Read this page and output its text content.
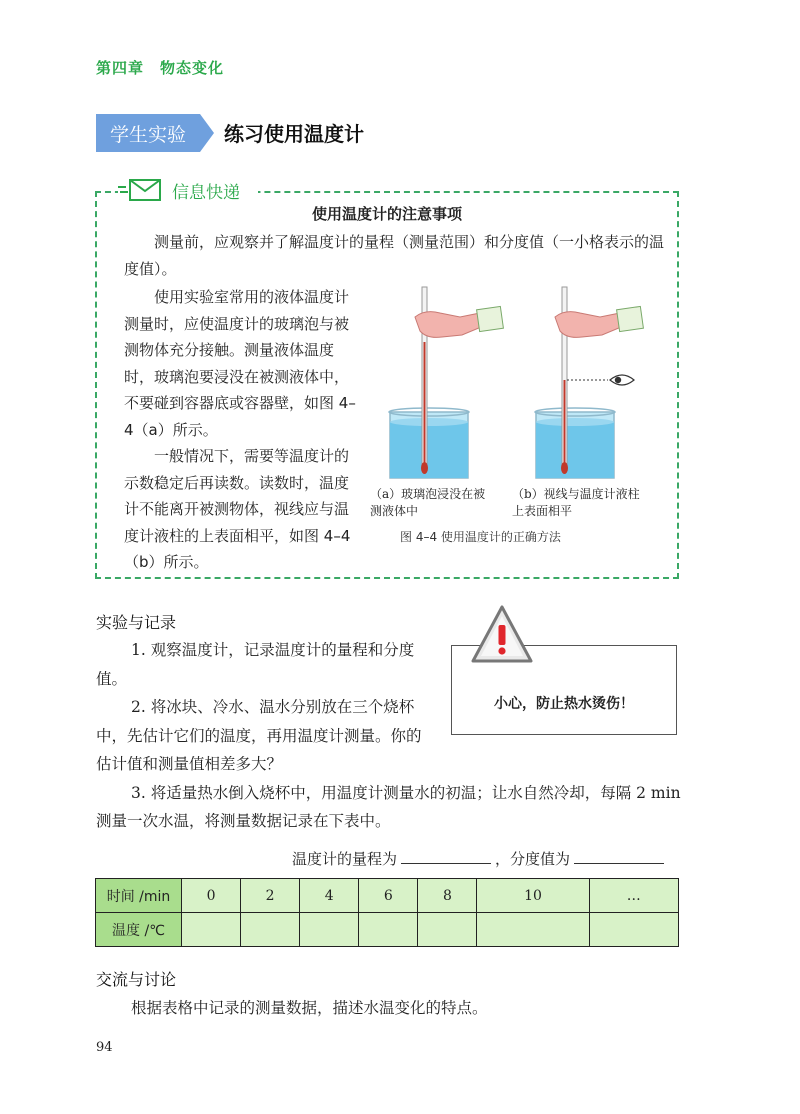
第四章　物态变化
学生实验	练习使用温度计
信息快递
使用温度计的注意事项
测量前，应观察并了解温度计的量程（测量范围）和分度值（一小格表示的温度值）。
使用实验室常用的液体温度计测量时，应使温度计的玻璃泡与被测物体充分接触。测量液体温度时，玻璃泡要浸没在被测液体中，不要碰到容器底或容器壁，如图 4–4（a）所示。
一般情况下，需要等温度计的示数稳定后再读数。读数时，温度计不能离开被测物体，视线应与温度计液柱的上表面相平，如图 4–4（b）所示。
（a）玻璃泡浸没在被测液体中
（b）视线与温度计液柱上表面相平
图 4–4 使用温度计的正确方法
实验与记录
小心，防止热水烫伤！
1. 观察温度计，记录温度计的量程和分度值。
2. 将冰块、冷水、温水分别放在三个烧杯中，先估计它们的温度，再用温度计测量。你的估计值和测量值相差多大？
3. 将适量热水倒入烧杯中，用温度计测量水的初温；让水自然冷却，每隔 2 min 测量一次水温，将测量数据记录在下表中。
温度计的量程为	，分度值为
时间 /min	0	2	4	6	8	10	…
温度 /℃							
交流与讨论
根据表格中记录的测量数据，描述水温变化的特点。
94
